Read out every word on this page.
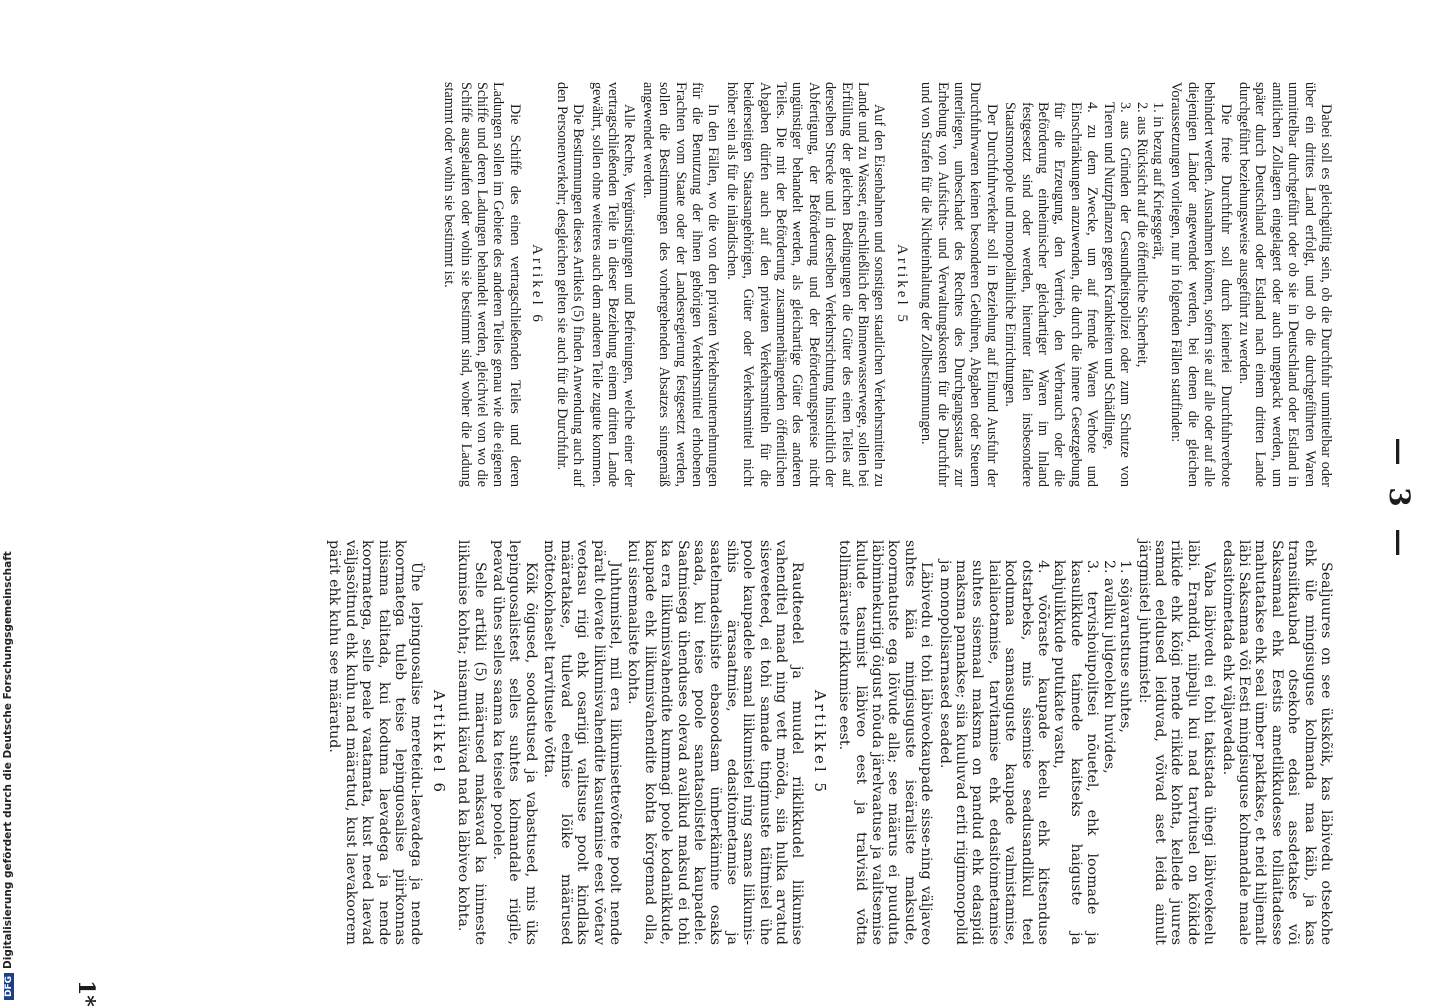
— 3 —

Dabei soll es gleichgültig sein, ob die Durchfuhr unmittelbar oder über ein drittes Land erfolgt, und ob die durchgeführten Waren unmittelbar durchgeführt oder ob sie in Deutschland oder Estland in amtlichen Zollagern eingelagert oder auch umgepackt werden, um später durch Deutschland oder Estland nach einem dritten Lande durchgeführt beziehungsweise ausgeführt zu werden.

Die freie Durchfuhr soll durch keinerlei Durchfuhrverbote behindert werden. Ausnahmen können, sofern sie auf alle oder auf alle diejenigen Länder angewendet werden, bei denen die gleichen Voraussetzungen vorliegen, nur in folgenden Fällen stattfinden:

1. in bezug auf Kriegsgerät,
2. aus Rücksicht auf die öffentliche Sicherheit,
3. aus Gründen der Gesundheitspolizei oder zum Schutze von Tieren und Nutzpflanzen gegen Krankheiten und Schädlinge,
4. zu dem Zwecke, um auf fremde Waren Verbote und Einschränkungen anzuwenden, die durch die innere Gesetzgebung für die Erzeugung, den Vertrieb, den Verbrauch oder die Beförderung einheimischer gleichartiger Waren im Inland festgesetzt sind oder werden, hierunter fallen insbesondere Staatsmonopole und monopolähnliche Einrichtungen.

Der Durchfuhrverkehr soll in Beziehung auf Einund Ausfuhr der Durchfuhrwaren keinen besonderen Gebühren, Abgaben oder Steuern unterliegen, unbeschadet des Rechtes des Durchgangsstaats zur Erhebung von Aufsichts- und Verwaltungskosten für die Durchfuhr und von Strafen für die Nichteinhaltung der Zollbestimmungen.

Artikel 5

Auf den Eisenbahnen und sonstigen staatlichen Verkehrsmitteln zu Lande und zu Wasser, einschließlich der Binnenwasserwege, sollen bei Erfüllung der gleichen Bedingungen die Güter des einen Teiles auf derselben Strecke und in derselben Verkehrsrichtung hinsichtlich der Abfertigung, der Beförderung und der Beförderungspreise nicht ungünstiger behandelt werden, als gleichartige Güter des anderen Teiles. Die mit der Beförderung zusammenhängenden öffentlichen Abgaben dürfen auch auf den privaten Verkehrsmitteln für die beiderseitigen Staatsangehörigen, Güter oder Verkehrsmittel nicht höher sein als für die inländischen.

In den Fällen, wo die von den privaten Verkehrsunternehmungen für die Benutzung der ihnen gehörigen Verkehrsmittel erhobenen Frachten vom Staate oder der Landesregierung festgesetzt werden, sollen die Bestimmungen des vorhergehenden Absatzes sinngemäß angewendet werden.

Alle Rechte, Vergünstigungen und Befreiungen, welche einer der vertragschließenden Teile in dieser Beziehung einem dritten Lande gewährt, sollen ohne weiteres auch dem anderen Teile zugute kommen.

Die Bestimmungen dieses Artikels (5) finden Anwendung auch auf den Personenverkehr; desgleichen gelten sie auch für die Durchfuhr.

Artikel 6

Die Schiffe des einen vertragschließenden Teiles und deren Ladungen sollen im Gebiete des anderen Teiles genau wie die eigenen Schiffe und deren Ladungen behandelt werden, gleichviel von wo die Schiffe ausgelaufen oder wohin sie bestimmt sind, woher die Ladung stammt oder wohin sie bestimmt ist.

Sealjuures on see ükskõik, kas läbivedu otsekohe ehk üle mingisuguse kolmanda maa käib, ja kas transiitkaubad otsekohe edasi assdetakse või Saksamaal ehk Eestis ametlikkudesse tolliaitadesse mahutatakse ehk seal ümber paktakse, et neid hiljemalt läbi Saksamaa või Eesti mingisuguse kolmandale maale edasitoimetada ehk väljavedada.

Vaba läbivedu ei tohi takistada ühegi läbiveokeelu läbi. Erandid, niipalju kui nad tarvitusel on kõikide riikide ehk kõigi nende riikide kohta, kellede juures samad eeldused leiduvad, võivad aset leida ainult järgmistel juhtumistel:

1. sõjavarustuse suhtes,
2. avaliku julgeoleku huvides,
3. tervishoiupolitsei nõuetel, ehk loomade ja kasulikkude taimede kaitseks haiguste ja kahjulikkude putukate vastu,
4. võõraste kaupade keelu ehk kitsenduse otstarbeks, mis sisemise seadusandlikul teel kodumaa samasuguste kaupade valmistamise, laialiaotamise, tarvitamise ehk edasitoimetamise suhtes sisemaal maksma on pandud ehk edaspidi maksma pannakse; siia kuuluvad eriti riigimonopolid ja monopolisarnased seaded.

Läbivedu ei tohi läbiveokaupade sisse-ning väljaveo suhtes käia mingisuguste iseäraliste maksude, koormatuste ega lõivude alla; see määrus ei puuduta läbiminekuriigi õigust nõuda järelvaatuse ja valitsemise kulude tasumist läbiveo eest ja tralvisid võtta tollimääruste rikkumise eest.

Artikkel 5

Raudteedel ja muudel riiklikkudel liikumise vahenditel maad ning vett mööda, siia hulka arvatud siseveeteed, ei tohi samade tingimuste täitmisel ühe poole kaupadele samal liikumistel ning samas liikumis-sihis ärasaatmise, edasitoimetamise ja saatelmadesihiste ebasoodsam ümberkäimine osaks saada, kui teise poole sanatasolistele kaupadele. Saatmisega ühenduses olevad avalikud maksud ei tohi ka era liikumisvahendite kummagi poole kodanikkude, kaupade ehk liikumisvahendite kohta kõrgemad olla, kui sisemaaliste kohta.

Juhtumistel, mil era liikumisettevõtete poolt nende päralt olevate liikumisvahendite kasutamise eest võetav veotasu riigi ehk osariigi valitsuse poolt kindlaks määratakse, tulevad eelmise lõike määrused mõtteokohaselt tarvitusele võtta.

Kõik õigused, soodustused ja vabastused, mis üks lepinguosalistest selles suhtes kolmandale riigile, peavad ühes selles saama ka teisele poolele.

Selle artikli (5) määrused maksavad ka inimeste liikumise kohta; nisamuti käivad nad ka läbiveo kohta.

Artikkel 6

Ühe lepinguosalise mereteidu-laevadega ja nende koormatega tuleb teise lepinguosalise piirkonnas niisama talitada, kui koduma laevadega ja nende koormatega, selle peale vaatamata, kust need laevad väljasõitnud ehk kuhu nad määratud, kust laevakoorem pärit ehk kuhu see määratud.

1*
DFGDigitalisierung gefördert durch die Deutsche Forschungsgemeinschaft
